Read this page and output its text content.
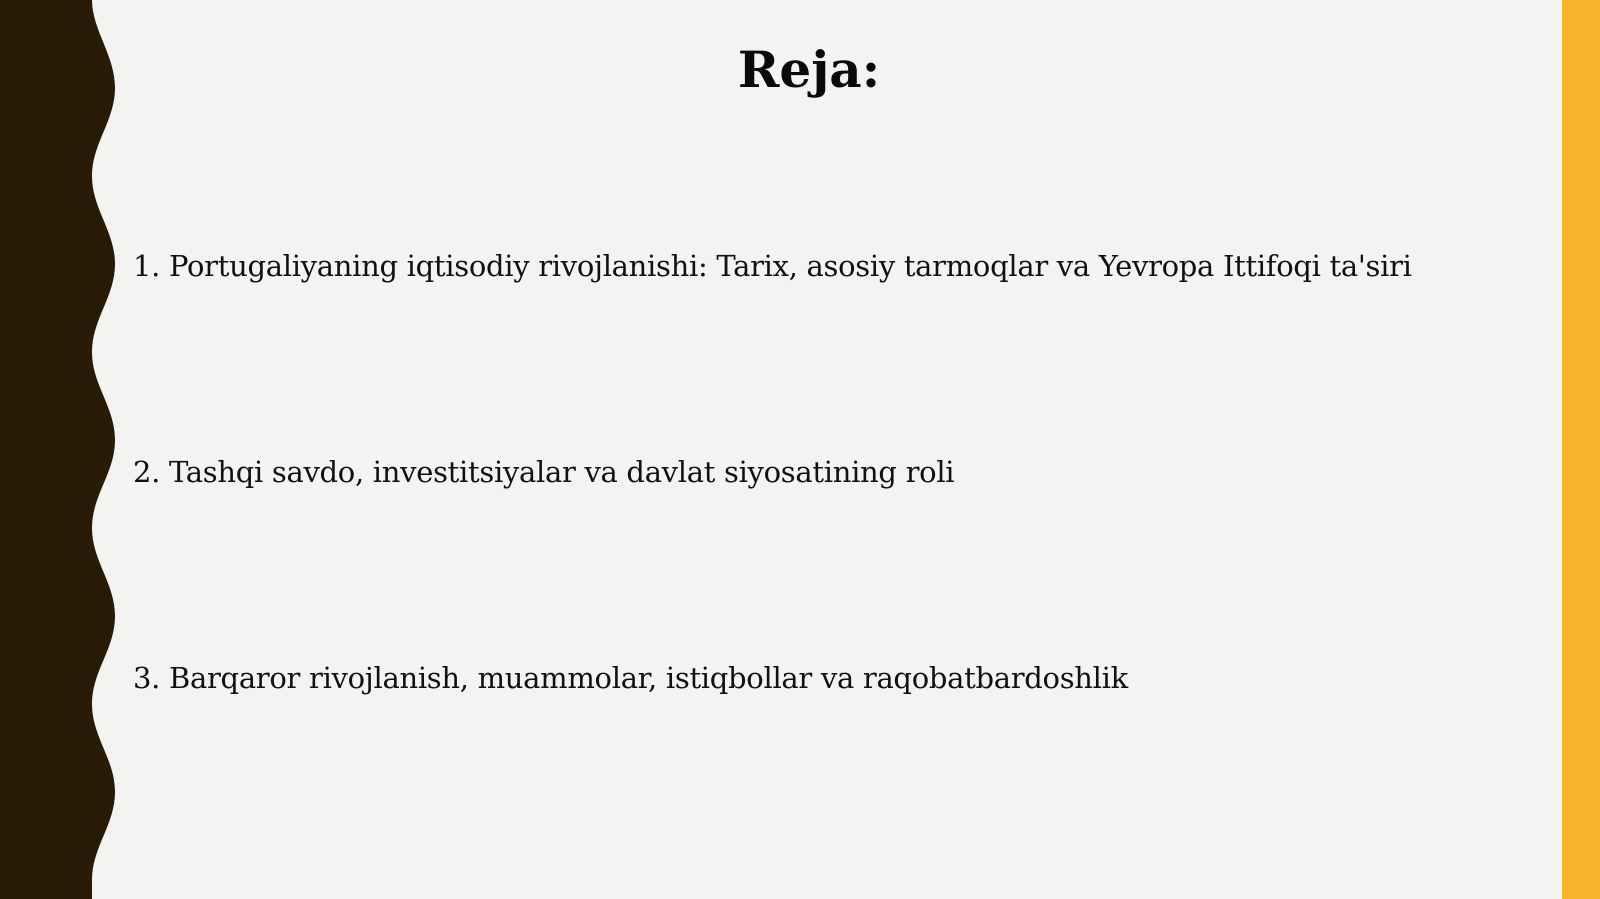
Reja:
1. Portugaliyaning iqtisodiy rivojlanishi: Tarix, asosiy tarmoqlar va Yevropa Ittifoqi ta'siri
2. Tashqi savdo, investitsiyalar va davlat siyosatining roli
3. Barqaror rivojlanish, muammolar, istiqbollar va raqobatbardoshlik
